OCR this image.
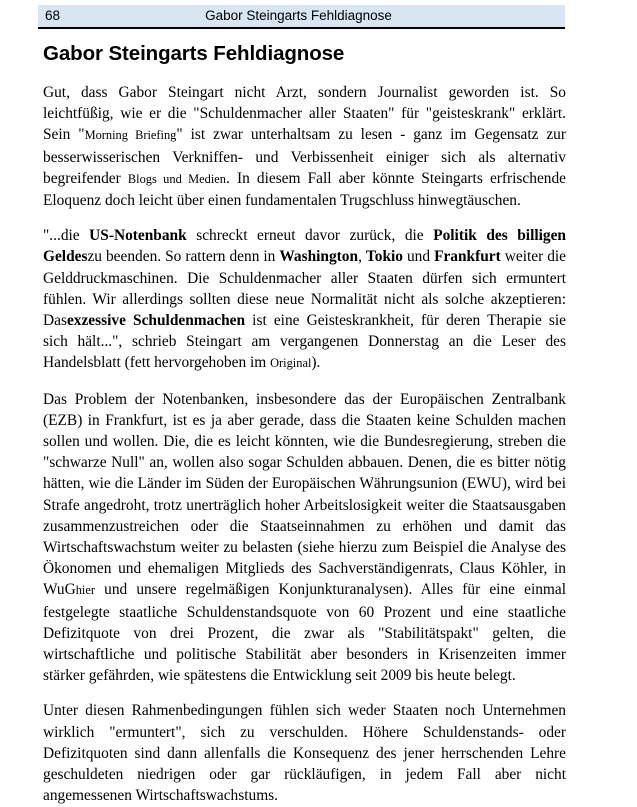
68	Gabor Steingarts Fehldiagnose
Gabor Steingarts Fehldiagnose

Gut, dass Gabor Steingart nicht Arzt, sondern Journalist geworden ist. So leichtfüßig, wie er die "Schuldenmacher aller Staaten" für "geisteskrank" erklärt. Sein "Morning Briefing" ist zwar unterhaltsam zu lesen - ganz im Gegensatz zur besserwisserischen Verkniffen- und Verbissenheit einiger sich als alternativ begreifender Blogs und Medien. In diesem Fall aber könnte Steingarts erfrischende Eloquenz doch leicht über einen fundamentalen Trugschluss hinwegtäuschen.

"...die US-Notenbank schreckt erneut davor zurück, die Politik des billigen Geldeszu beenden. So rattern denn in Washington, Tokio und Frankfurt weiter die Gelddruckmaschinen. Die Schuldenmacher aller Staaten dürfen sich ermuntert fühlen. Wir allerdings sollten diese neue Normalität nicht als solche akzeptieren: Dasexzessive Schuldenmachen ist eine Geisteskrankheit, für deren Therapie sie sich hält...", schrieb Steingart am vergangenen Donnerstag an die Leser des Handelsblatt (fett hervorgehoben im Original).

Das Problem der Notenbanken, insbesondere das der Europäischen Zentralbank (EZB) in Frankfurt, ist es ja aber gerade, dass die Staaten keine Schulden machen sollen und wollen. Die, die es leicht könnten, wie die Bundesregierung, streben die "schwarze Null" an, wollen also sogar Schulden abbauen. Denen, die es bitter nötig hätten, wie die Länder im Süden der Europäischen Währungsunion (EWU), wird bei Strafe angedroht, trotz unerträglich hoher Arbeitslosigkeit weiter die Staatsausgaben zusammenzustreichen oder die Staatseinnahmen zu erhöhen und damit das Wirtschaftswachstum weiter zu belasten (siehe hierzu zum Beispiel die Analyse des Ökonomen und ehemaligen Mitglieds des Sachverständigenrats, Claus Köhler, in WuGhier und unsere regelmäßigen Konjunkturanalysen). Alles für eine einmal festgelegte staatliche Schuldenstandsquote von 60 Prozent und eine staatliche Defizitquote von drei Prozent, die zwar als "Stabilitätspakt" gelten, die wirtschaftliche und politische Stabilität aber besonders in Krisenzeiten immer stärker gefährden, wie spätestens die Entwicklung seit 2009 bis heute belegt.

Unter diesen Rahmenbedingungen fühlen sich weder Staaten noch Unternehmen wirklich "ermuntert", sich zu verschulden. Höhere Schuldenstands- oder Defizitquoten sind dann allenfalls die Konsequenz des jener herrschenden Lehre geschuldeten niedrigen oder gar rückläufigen, in jedem Fall aber nicht angemessenen Wirtschaftswachstums.
